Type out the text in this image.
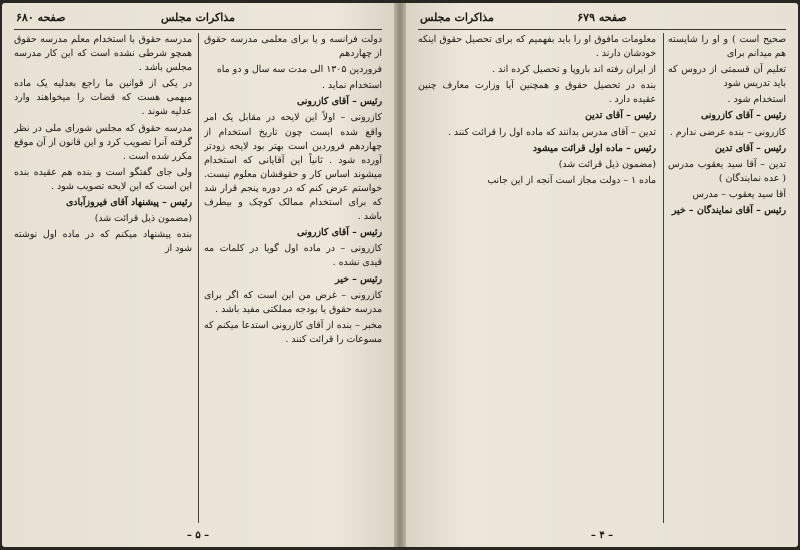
صفحه ۶۸۰	مذاکرات مجلس

دولت فرانسه و یا برای معلمی مدرسه حقوق از چهاردهم

فروردین ۱۳۰۵ الی مدت سه سال و دو ماه

استخدام نماید .

رئیس – آقای کازرونی

کازرونی – اولاً این لایحه در مقابل یک امر واقع شده ایست چون تاریخ استخدام از چهاردهم فروردین است بهتر بود لایحه زودتر آورده شود . ثانیاً این آقایانی که استخدام میشوند اساس کار و حقوقشان معلوم نیست. خواستم عرض کنم که در دوره پنجم قرار شد که برای استخدام ممالک کوچک و بیطرف باشد .

رئیس – آقای کازرونی

کازرونی – در ماده اول گویا در کلمات مه قیدی نشده .

رئیس – خیر

کازرونی – غرض من این است که اگر برای مدرسه حقوق یا بودجه مملکتی مفید باشد .

مخبر – بنده از آقای کازرونی استدعا میکنم که مسوعات را قرائت کنند .

مدرسه حقوق با استخدام معلم مدرسه حقوق همچو شرطی نشده است که این کار مدرسه مجلس باشد .

در یکی از قوانین ما راجع بعدلیه یک ماده مبهمی هست که قضات را میخواهند وارد عدلیه شوند .

مدرسه حقوق که مجلس شورای ملی در نظر گرفته آنرا تصویب کرد و این قانون از آن موقع مکرر شده است .

ولی جای گفتگو است و بنده هم عقیده بنده این است که این لایحه تصویب شود .

رئیس – پیشنهاد آقای فیروزآبادی

(مضمون ذیل قرائت شد)

بنده پیشنهاد میکنم که در ماده اول نوشته شود از

– ۵ –
صفحه ۶۷۹
مذاکرات مجلس

صحیح است ) و او را شایسته هم میدانم برای

تعلیم آن قسمتی از دروس که باید تدریس شود

استخدام شود .

رئیس – آقای کازرونی

کازرونی – بنده عرضی ندارم .

رئیس – آقای تدین

تدین – آقا سید یعقوب مدرس ( عده نمایندگان )

آقا سید یعقوب – مدرس

رئیس – آقای نمایندگان – خیر

معلومات مافوق او را باید بفهمیم که برای تحصیل حقوق اینکه خودشان دارند .

از ایران رفته اند باروپا و تحصیل کرده اند .

بنده در تحصیل حقوق و همچنین آیا وزارت معارف چنین عقیده دارد .

رئیس – آقای تدین

تدین – آقای مدرس بدانند که ماده اول را قرائت کنند .

رئیس – ماده اول قرائت میشود

(مضمون ذیل قرائت شد)

ماده ۱ – دولت مجاز است آنجه از این جانب

– ۴ –
